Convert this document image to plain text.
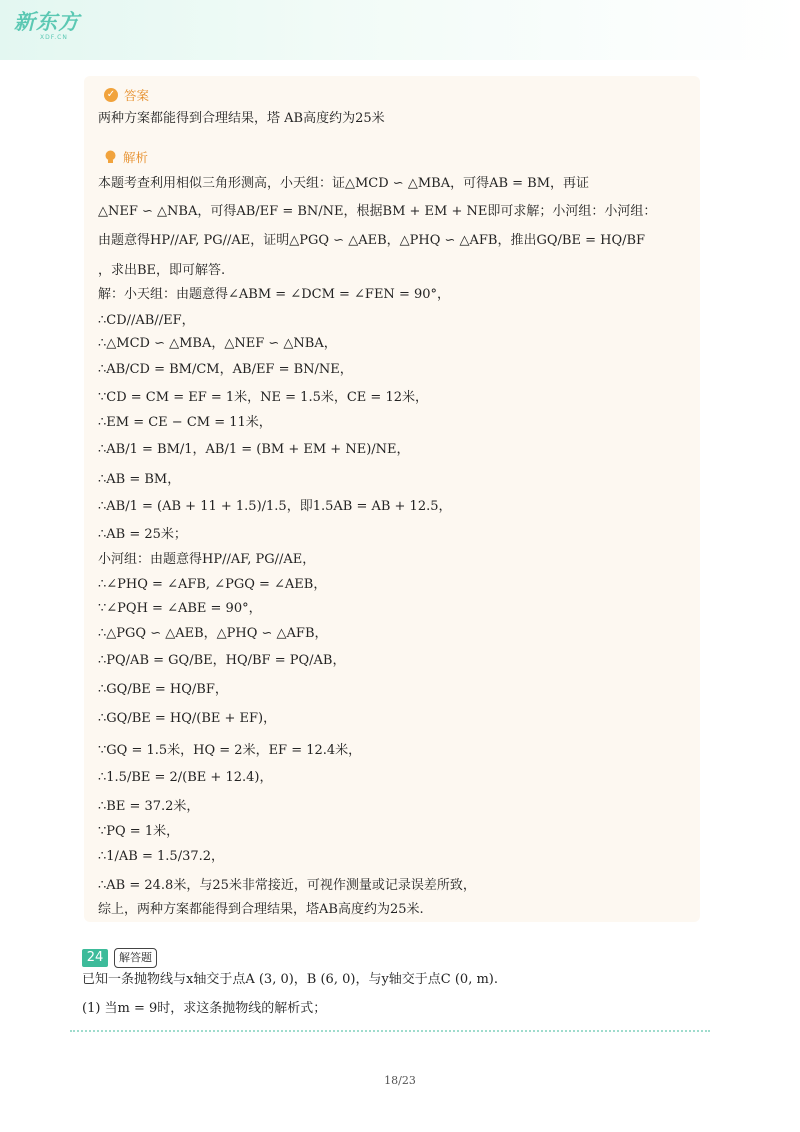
新东方
XDF.CN
✓ 答案
两种方案都能得到合理结果，塔 AB高度约为25米
解析
本题考查利用相似三角形测高，小天组：证△MCD ∽ △MBA，可得AB = BM，再证
△NEF ∽ △NBA，可得AB/EF = BN/NE，根据BM + EM + NE即可求解；小河组：小河组：
由题意得HP//AF, PG//AE，证明△PGQ ∽ △AEB，△PHQ ∽ △AFB，推出GQ/BE = HQ/BF
，求出BE，即可解答.
解：小天组：由题意得∠ABM = ∠DCM = ∠FEN = 90°，
∴CD//AB//EF，
∴△MCD ∽ △MBA，△NEF ∽ △NBA，
∴AB/CD = BM/CM，AB/EF = BN/NE，
∵CD = CM = EF = 1米，NE = 1.5米，CE = 12米，
∴EM = CE − CM = 11米，
∴AB/1 = BM/1，AB/1 = (BM + EM + NE)/NE，
∴AB = BM，
∴AB/1 = (AB + 11 + 1.5)/1.5，即1.5AB = AB + 12.5，
∴AB = 25米；
小河组：由题意得HP//AF, PG//AE，
∴∠PHQ = ∠AFB, ∠PGQ = ∠AEB，
∵∠PQH = ∠ABE = 90°，
∴△PGQ ∽ △AEB，△PHQ ∽ △AFB，
∴PQ/AB = GQ/BE，HQ/BF = PQ/AB，
∴GQ/BE = HQ/BF，
∴GQ/BE = HQ/(BE + EF)，
∵GQ = 1.5米，HQ = 2米，EF = 12.4米，
∴1.5/BE = 2/(BE + 12.4)，
∴BE = 37.2米，
∵PQ = 1米，
∴1/AB = 1.5/37.2，
∴AB = 24.8米，与25米非常接近，可视作测量或记录误差所致，
综上，两种方案都能得到合理结果，塔AB高度约为25米.
24	解答题
已知一条抛物线与x轴交于点A (3, 0)，B (6, 0)，与y轴交于点C (0, m).
(1) 当m = 9时，求这条抛物线的解析式；
18/23
